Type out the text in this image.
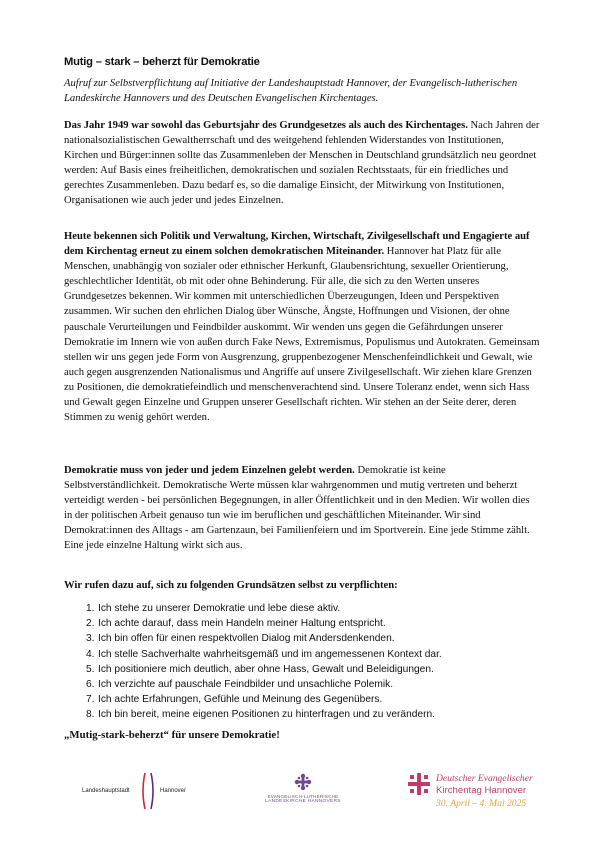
Mutig – stark – beherzt für Demokratie
Aufruf zur Selbstverpflichtung auf Initiative der Landeshauptstadt Hannover, der Evangelisch-lutherischen Landeskirche Hannovers und des Deutschen Evangelischen Kirchentages.

Das Jahr 1949 war sowohl das Geburtsjahr des Grundgesetzes als auch des Kirchentages. Nach Jahren der nationalsozialistischen Gewaltherrschaft und des weitgehend fehlenden Widerstandes von Institutionen, Kirchen und Bürger:innen sollte das Zusammenleben der Menschen in Deutschland grundsätzlich neu geordnet werden: Auf Basis eines freiheitlichen, demokratischen und sozialen Rechtsstaats, für ein friedliches und gerechtes Zusammenleben. Dazu bedarf es, so die damalige Einsicht, der Mitwirkung von Institutionen, Organisationen wie auch jeder und jedes Einzelnen.

Heute bekennen sich Politik und Verwaltung, Kirchen, Wirtschaft, Zivilgesellschaft und Engagierte auf dem Kirchentag erneut zu einem solchen demokratischen Miteinander. Hannover hat Platz für alle Menschen, unabhängig von sozialer oder ethnischer Herkunft, Glaubensrichtung, sexueller Orientierung, geschlechtlicher Identität, ob mit oder ohne Behinderung. Für alle, die sich zu den Werten unseres Grundgesetzes bekennen. Wir kommen mit unterschiedlichen Überzeugungen, Ideen und Perspektiven zusammen. Wir suchen den ehrlichen Dialog über Wünsche, Ängste, Hoffnungen und Visionen, der ohne pauschale Verurteilungen und Feindbilder auskommt. Wir wenden uns gegen die Gefährdungen unserer Demokratie im Innern wie von außen durch Fake News, Extremismus, Populismus und Autokraten. Gemeinsam stellen wir uns gegen jede Form von Ausgrenzung, gruppenbezogener Menschenfeindlichkeit und Gewalt, wie auch gegen ausgrenzenden Nationalismus und Angriffe auf unsere Zivilgesellschaft. Wir ziehen klare Grenzen zu Positionen, die demokratiefeindlich und menschenverachtend sind. Unsere Toleranz endet, wenn sich Hass und Gewalt gegen Einzelne und Gruppen unserer Gesellschaft richten. Wir stehen an der Seite derer, deren Stimmen zu wenig gehört werden.

Demokratie muss von jeder und jedem Einzelnen gelebt werden. Demokratie ist keine Selbstverständlichkeit. Demokratische Werte müssen klar wahrgenommen und mutig vertreten und beherzt verteidigt werden - bei persönlichen Begegnungen, in aller Öffentlichkeit und in den Medien. Wir wollen dies in der politischen Arbeit genauso tun wie im beruflichen und geschäftlichen Miteinander. Wir sind Demokrat:innen des Alltags - am Gartenzaun, bei Familienfeiern und im Sportverein. Eine jede Stimme zählt. Eine jede einzelne Haltung wirkt sich aus.

Wir rufen dazu auf, sich zu folgenden Grundsätzen selbst zu verpflichten:

1. Ich stehe zu unserer Demokratie und lebe diese aktiv.
2. Ich achte darauf, dass mein Handeln meiner Haltung entspricht.
3. Ich bin offen für einen respektvollen Dialog mit Andersdenkenden.
4. Ich stelle Sachverhalte wahrheitsgemäß und im angemessenen Kontext dar.
5. Ich positioniere mich deutlich, aber ohne Hass, Gewalt und Beleidigungen.
6. Ich verzichte auf pauschale Feindbilder und unsachliche Polemik.
7. Ich achte Erfahrungen, Gefühle und Meinung des Gegenübers.
8. Ich bin bereit, meine eigenen Positionen zu hinterfragen und zu verändern.
„Mutig-stark-beherzt“ für unsere Demokratie!
Landeshauptstadt	Hannover
EVANGELISCH-LUTHERISCHE
LANDESKIRCHE HANNOVERS
Deutscher Evangelischer
Kirchentag Hannover
30. April – 4. Mai 2025
